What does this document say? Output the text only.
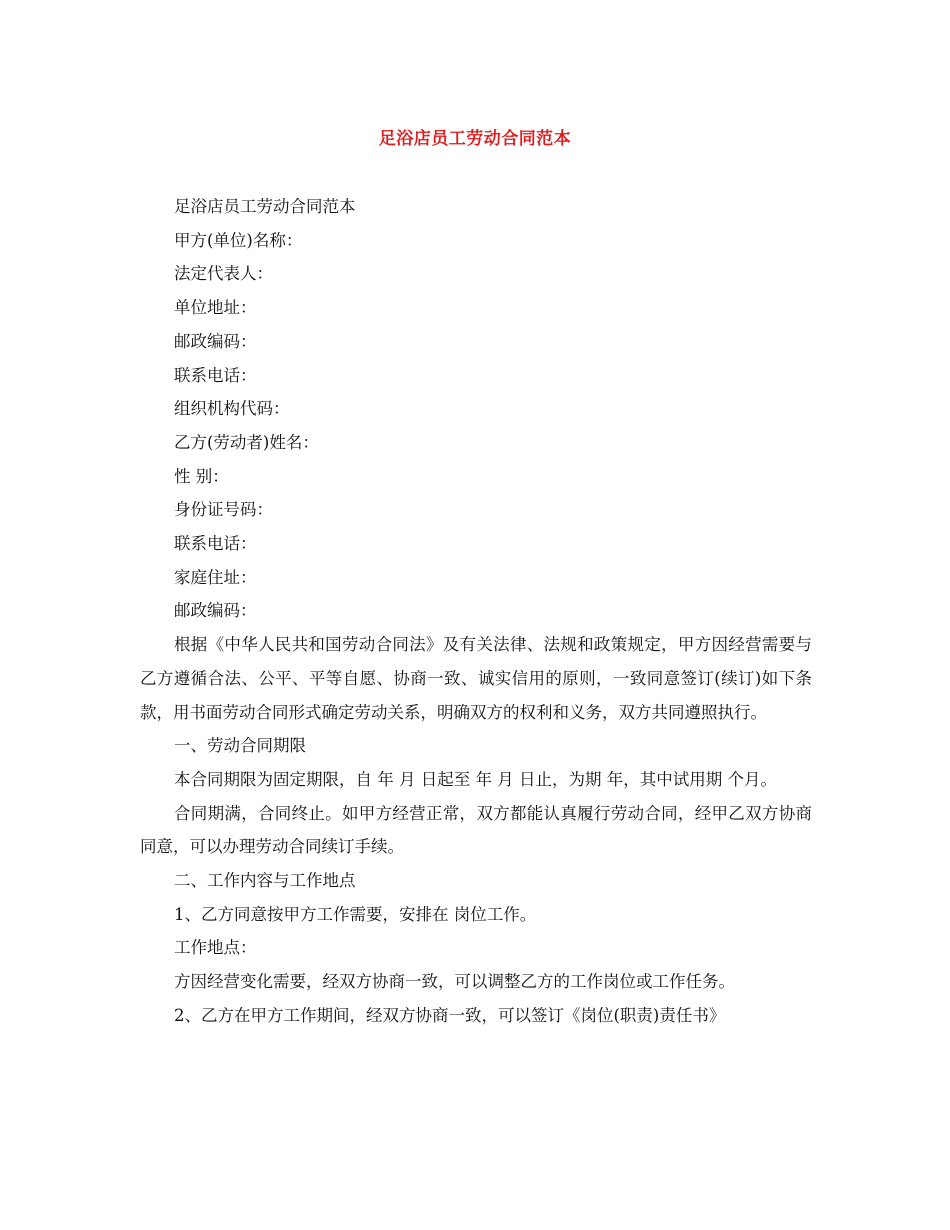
足浴店员工劳动合同范本

足浴店员工劳动合同范本

甲方(单位)名称：

法定代表人：

单位地址：

邮政编码：

联系电话：

组织机构代码：

乙方(劳动者)姓名：

性 别：

身份证号码：

联系电话：

家庭住址：

邮政编码：

根据《中华人民共和国劳动合同法》及有关法律、法规和政策规定，甲方因经营需要与乙方遵循合法、公平、平等自愿、协商一致、诚实信用的原则，一致同意签订(续订)如下条款，用书面劳动合同形式确定劳动关系，明确双方的权利和义务，双方共同遵照执行。

一、劳动合同期限

本合同期限为固定期限，自 年 月 日起至 年 月 日止，为期 年，其中试用期 个月。

合同期满，合同终止。如甲方经营正常，双方都能认真履行劳动合同，经甲乙双方协商同意，可以办理劳动合同续订手续。

二、工作内容与工作地点

1、乙方同意按甲方工作需要，安排在 岗位工作。

工作地点：

方因经营变化需要，经双方协商一致，可以调整乙方的工作岗位或工作任务。

2、乙方在甲方工作期间，经双方协商一致，可以签订《岗位(职责)责任书》
